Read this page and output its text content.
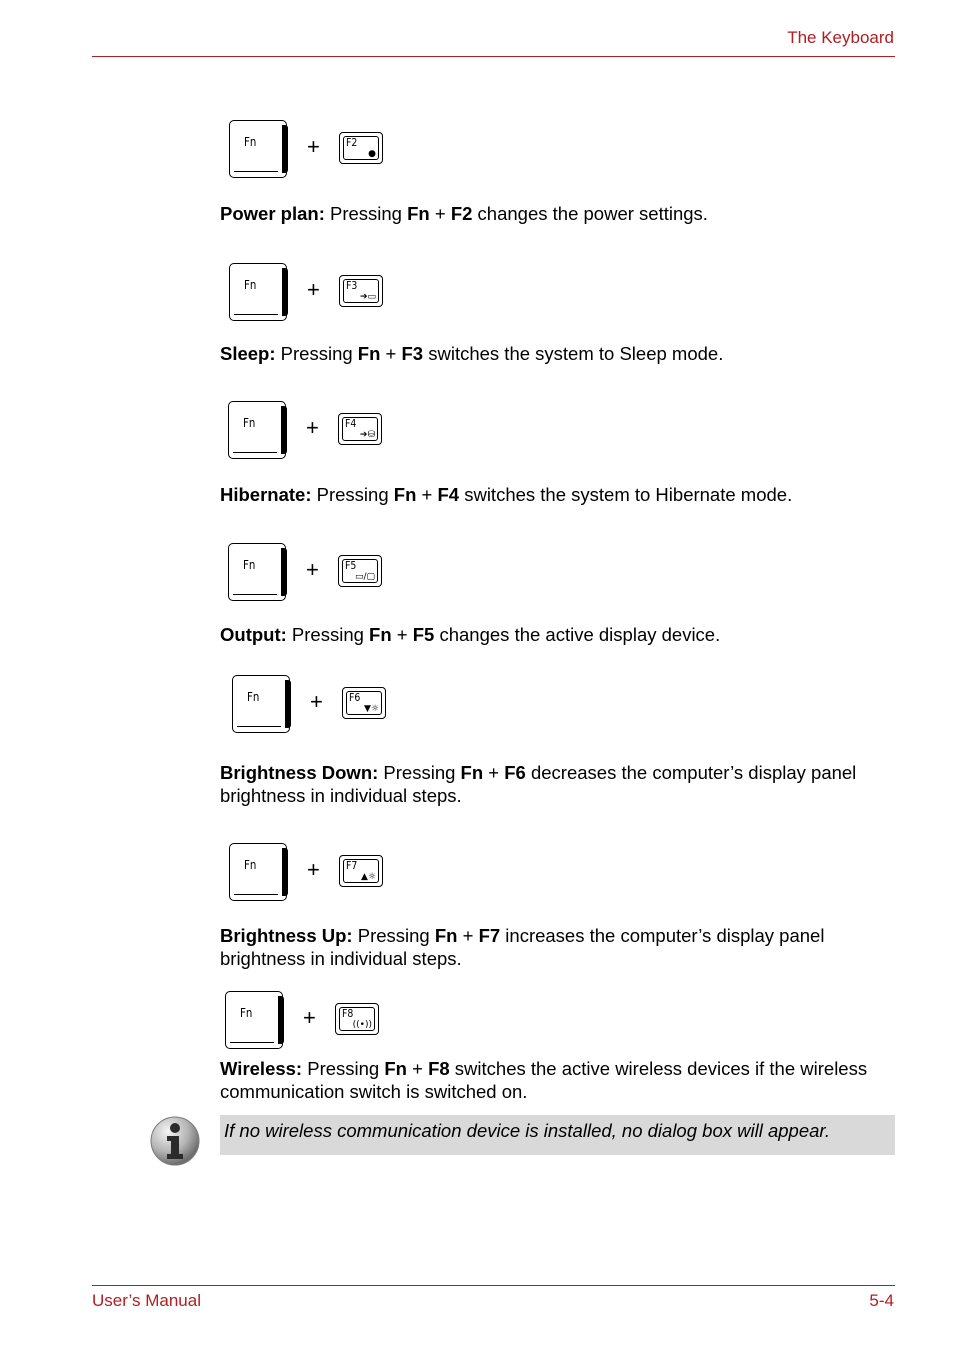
The Keyboard
Fn + F2
●
Power plan: Pressing Fn + F2 changes the power settings.
Fn + F3
➔▭
Sleep: Pressing Fn + F3 switches the system to Sleep mode.
Fn + F4
➔⛁
Hibernate: Pressing Fn + F4 switches the system to Hibernate mode.
Fn + F5
▭/▢
Output: Pressing Fn + F5 changes the active display device.
Fn + F6
▼☼
Brightness Down: Pressing Fn + F6 decreases the computer’s display panel brightness in individual steps.
Fn + F7
▲☼
Brightness Up: Pressing Fn + F7 increases the computer’s display panel brightness in individual steps.
Fn + F8
((•))
Wireless: Pressing Fn + F8 switches the active wireless devices if the wireless communication switch is switched on.
If no wireless communication device is installed, no dialog box will appear.
User’s Manual	5-4
